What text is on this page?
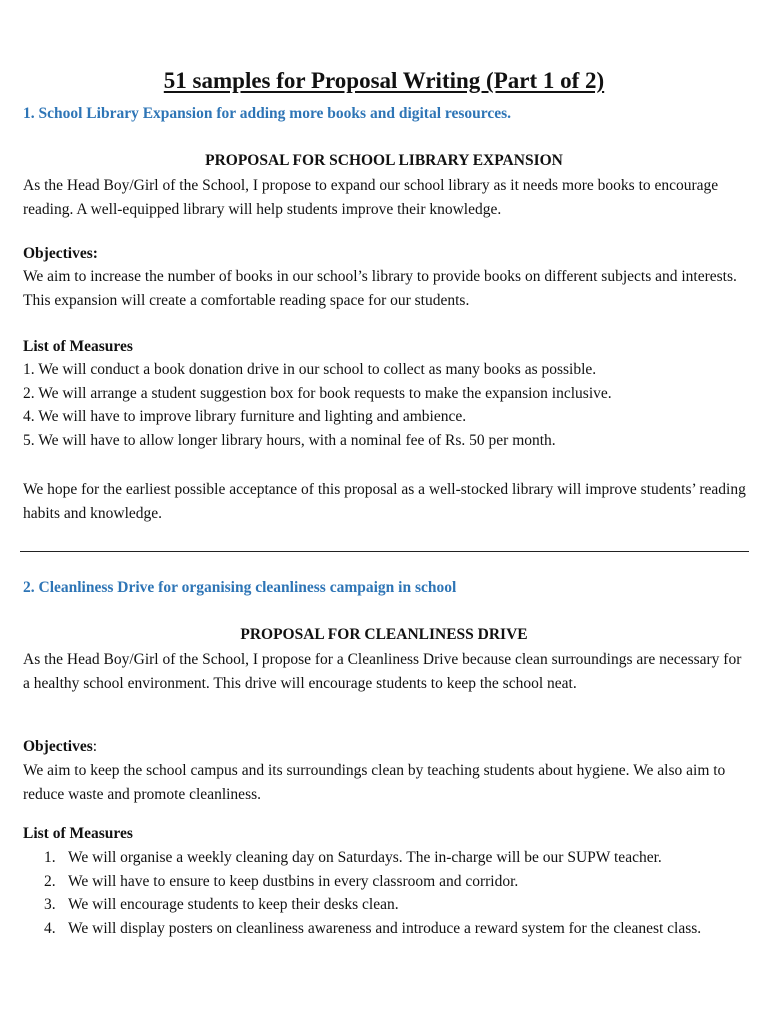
51 samples for Proposal Writing (Part 1 of 2)

1. School Library Expansion for adding more books and digital resources.

PROPOSAL FOR SCHOOL LIBRARY EXPANSION

As the Head Boy/Girl of the School, I propose to expand our school library as it needs more books to encourage reading. A well-equipped library will help students improve their knowledge.

Objectives:

We aim to increase the number of books in our school’s library to provide books on different subjects and interests. This expansion will create a comfortable reading space for our students.

List of Measures

1. We will conduct a book donation drive in our school to collect as many books as possible.

2. We will arrange a student suggestion box for book requests to make the expansion inclusive.

4. We will have to improve library furniture and lighting and ambience.

5. We will have to allow longer library hours, with a nominal fee of Rs. 50 per month.

We hope for the earliest possible acceptance of this proposal as a well-stocked library will improve students’ reading habits and knowledge.

2. Cleanliness Drive for organising cleanliness campaign in school

PROPOSAL FOR CLEANLINESS DRIVE

As the Head Boy/Girl of the School, I propose for a Cleanliness Drive because clean surroundings are necessary for a healthy school environment. This drive will encourage students to keep the school neat.

Objectives:

We aim to keep the school campus and its surroundings clean by teaching students about hygiene. We also aim to reduce waste and promote cleanliness.

List of Measures

1. We will organise a weekly cleaning day on Saturdays. The in-charge will be our SUPW teacher.
2. We will have to ensure to keep dustbins in every classroom and corridor.
3. We will encourage students to keep their desks clean.
4. We will display posters on cleanliness awareness and introduce a reward system for the cleanest class.
